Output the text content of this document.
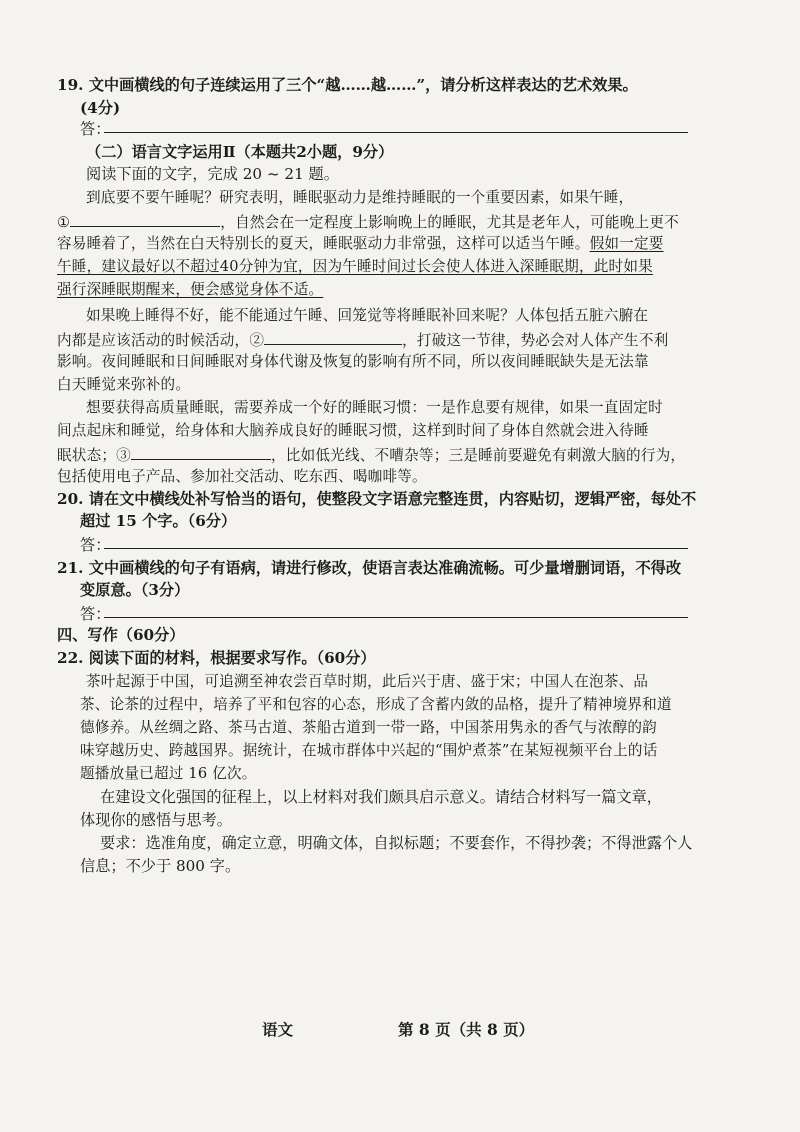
19. 文中画横线的句子连续运用了三个“越……越……”，请分析这样表达的艺术效果。
(4分)
答：
（二）语言文字运用Ⅱ（本题共2小题，9分）
阅读下面的文字，完成 20 ~ 21 题。
到底要不要午睡呢？研究表明，睡眠驱动力是维持睡眠的一个重要因素，如果午睡，
①	，自然会在一定程度上影响晚上的睡眠，尤其是老年人，可能晚上更不
容易睡着了，当然在白天特别长的夏天，睡眠驱动力非常强，这样可以适当午睡。假如一定要
午睡，建议最好以不超过40分钟为宜，因为午睡时间过长会使人体进入深睡眠期，此时如果
强行深睡眠期醒来，便会感觉身体不适。
如果晚上睡得不好，能不能通过午睡、回笼觉等将睡眠补回来呢？人体包括五脏六腑在
内都是应该活动的时候活动，②	，打破这一节律，势必会对人体产生不利
影响。夜间睡眠和日间睡眠对身体代谢及恢复的影响有所不同，所以夜间睡眠缺失是无法靠
白天睡觉来弥补的。
想要获得高质量睡眠，需要养成一个好的睡眠习惯：一是作息要有规律，如果一直固定时
间点起床和睡觉，给身体和大脑养成良好的睡眠习惯，这样到时间了身体自然就会进入待睡
眠状态；③	，比如低光线、不嘈杂等；三是睡前要避免有刺激大脑的行为，
包括使用电子产品、参加社交活动、吃东西、喝咖啡等。
20. 请在文中横线处补写恰当的语句，使整段文字语意完整连贯，内容贴切，逻辑严密，每处不
超过 15 个字。（6分）
答：
21. 文中画横线的句子有语病，请进行修改，使语言表达准确流畅。可少量增删词语，不得改
变原意。（3分）
答：
四、写作（60分）
22. 阅读下面的材料，根据要求写作。（60分）
茶叶起源于中国，可追溯至神农尝百草时期，此后兴于唐、盛于宋；中国人在泡茶、品
茶、论茶的过程中，培养了平和包容的心态，形成了含蓄内敛的品格，提升了精神境界和道
德修养。从丝绸之路、茶马古道、茶船古道到一带一路，中国茶用隽永的香气与浓醇的韵
味穿越历史、跨越国界。据统计，在城市群体中兴起的“围炉煮茶”在某短视频平台上的话
题播放量已超过 16 亿次。
在建设文化强国的征程上，以上材料对我们颇具启示意义。请结合材料写一篇文章，
体现你的感悟与思考。
要求：选准角度，确定立意，明确文体，自拟标题；不要套作，不得抄袭；不得泄露个人
信息；不少于 800 字。
语文	第 8 页（共 8 页）
